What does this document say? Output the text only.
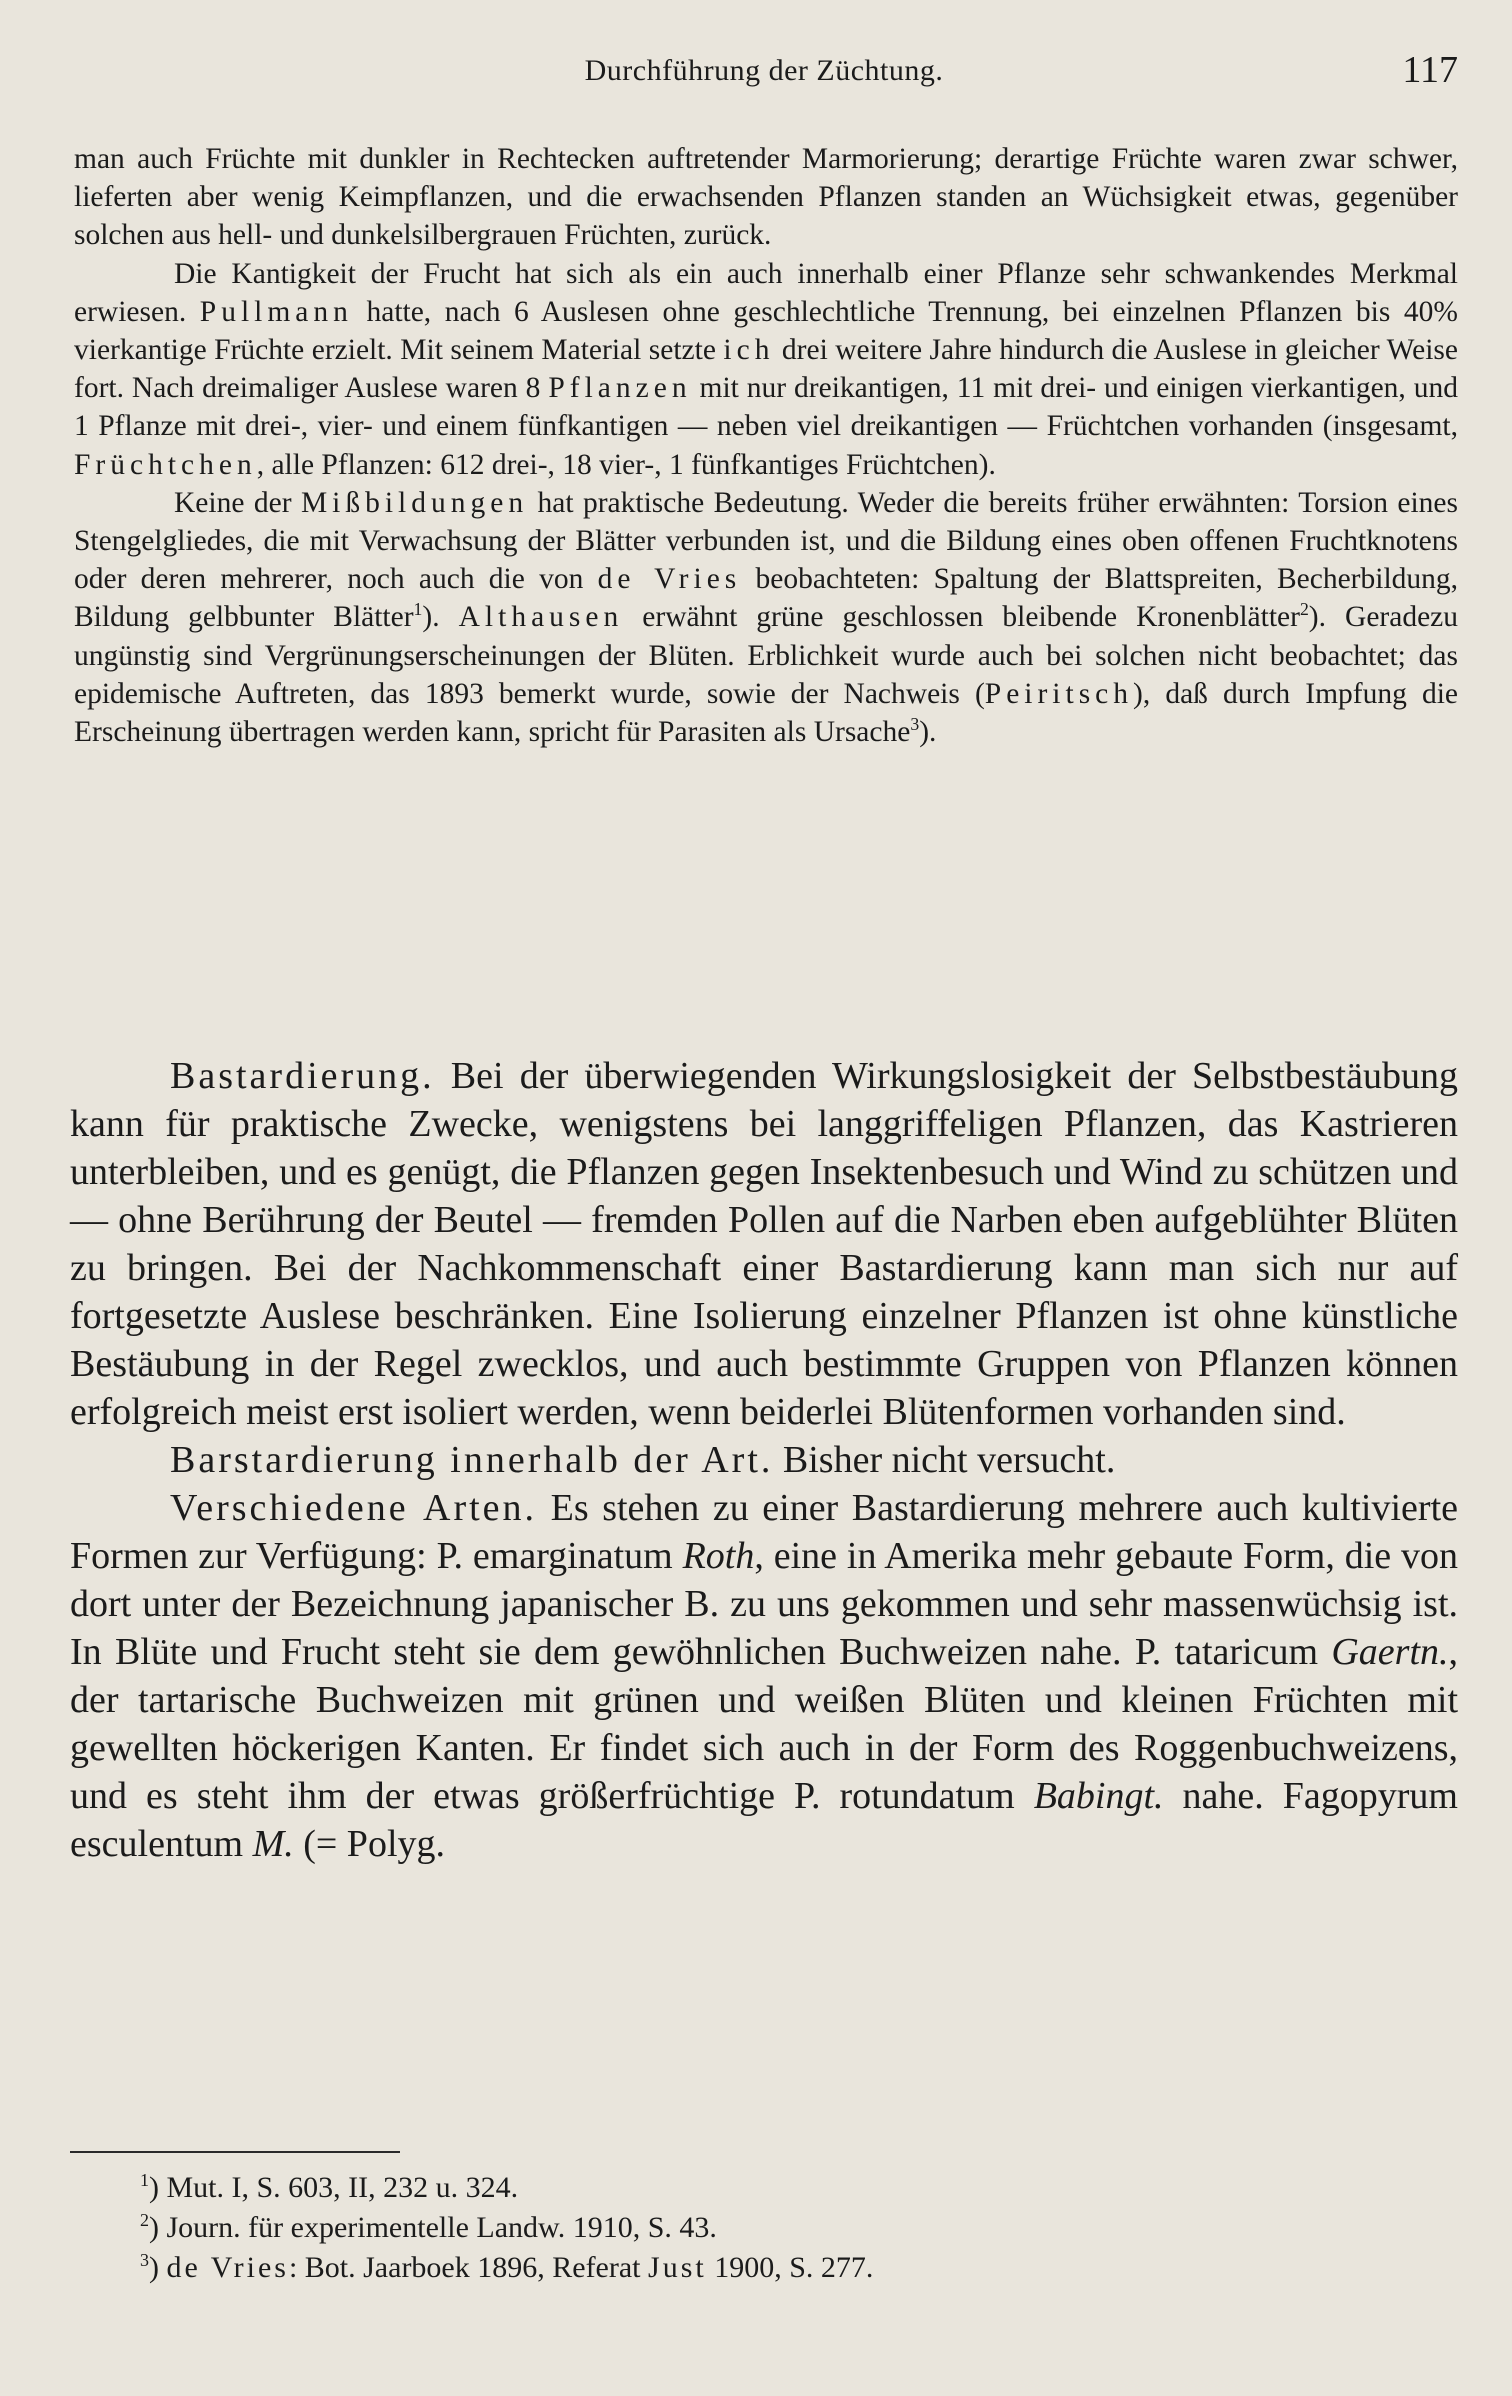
Durchführung der Züchtung.	117

man auch Früchte mit dunkler in Rechtecken auftretender Marmorierung; derartige Früchte waren zwar schwer, lieferten aber wenig Keimpflanzen, und die erwachsenden Pflanzen standen an Wüchsigkeit etwas, gegenüber solchen aus hell- und dunkelsilbergrauen Früchten, zurück.

Die Kantigkeit der Frucht hat sich als ein auch innerhalb einer Pflanze sehr schwankendes Merkmal erwiesen. Pullmann hatte, nach 6 Auslesen ohne geschlechtliche Trennung, bei einzelnen Pflanzen bis 40% vierkantige Früchte erzielt. Mit seinem Material setzte ich drei weitere Jahre hindurch die Auslese in gleicher Weise fort. Nach dreimaliger Auslese waren 8 Pflanzen mit nur dreikantigen, 11 mit drei- und einigen vierkantigen, und 1 Pflanze mit drei-, vier- und einem fünfkantigen — neben viel dreikantigen — Früchtchen vorhanden (insgesamt, Früchtchen, alle Pflanzen: 612 drei-, 18 vier-, 1 fünfkantiges Früchtchen).

Keine der Mißbildungen hat praktische Bedeutung. Weder die bereits früher erwähnten: Torsion eines Stengelgliedes, die mit Verwachsung der Blätter verbunden ist, und die Bildung eines oben offenen Fruchtknotens oder deren mehrerer, noch auch die von de Vries beobachteten: Spaltung der Blattspreiten, Becherbildung, Bildung gelbbunter Blätter$^1$). Althausen erwähnt grüne geschlossen bleibende Kronenblätter$^2$). Geradezu ungünstig sind Vergrünungserscheinungen der Blüten. Erblichkeit wurde auch bei solchen nicht beobachtet; das epidemische Auftreten, das 1893 bemerkt wurde, sowie der Nachweis (Peiritsch), daß durch Impfung die Erscheinung übertragen werden kann, spricht für Parasiten als Ursache$^3$).

Bastardierung. Bei der überwiegenden Wirkungslosigkeit der Selbstbestäubung kann für praktische Zwecke, wenigstens bei langgriffeligen Pflanzen, das Kastrieren unterbleiben, und es genügt, die Pflanzen gegen Insektenbesuch und Wind zu schützen und — ohne Berührung der Beutel — fremden Pollen auf die Narben eben aufgeblühter Blüten zu bringen. Bei der Nachkommenschaft einer Bastardierung kann man sich nur auf fortgesetzte Auslese beschränken. Eine Isolierung einzelner Pflanzen ist ohne künstliche Bestäubung in der Regel zwecklos, und auch bestimmte Gruppen von Pflanzen können erfolgreich meist erst isoliert werden, wenn beiderlei Blütenformen vorhanden sind.

Barstardierung innerhalb der Art. Bisher nicht versucht.

Verschiedene Arten. Es stehen zu einer Bastardierung mehrere auch kultivierte Formen zur Verfügung: P. emarginatum Roth, eine in Amerika mehr gebaute Form, die von dort unter der Bezeichnung japanischer B. zu uns gekommen und sehr massenwüchsig ist. In Blüte und Frucht steht sie dem gewöhnlichen Buchweizen nahe. P. tataricum Gaertn., der tartarische Buchweizen mit grünen und weißen Blüten und kleinen Früchten mit gewellten höckerigen Kanten. Er findet sich auch in der Form des Roggenbuchweizens, und es steht ihm der etwas größerfrüchtige P. rotundatum Babingt. nahe. Fagopyrum esculentum M. (= Polyg.

$^1$) Mut. I, S. 603, II, 232 u. 324.
$^2$) Journ. für experimentelle Landw. 1910, S. 43.
$^3$) de Vries: Bot. Jaarboek 1896, Referat Just 1900, S. 277.
